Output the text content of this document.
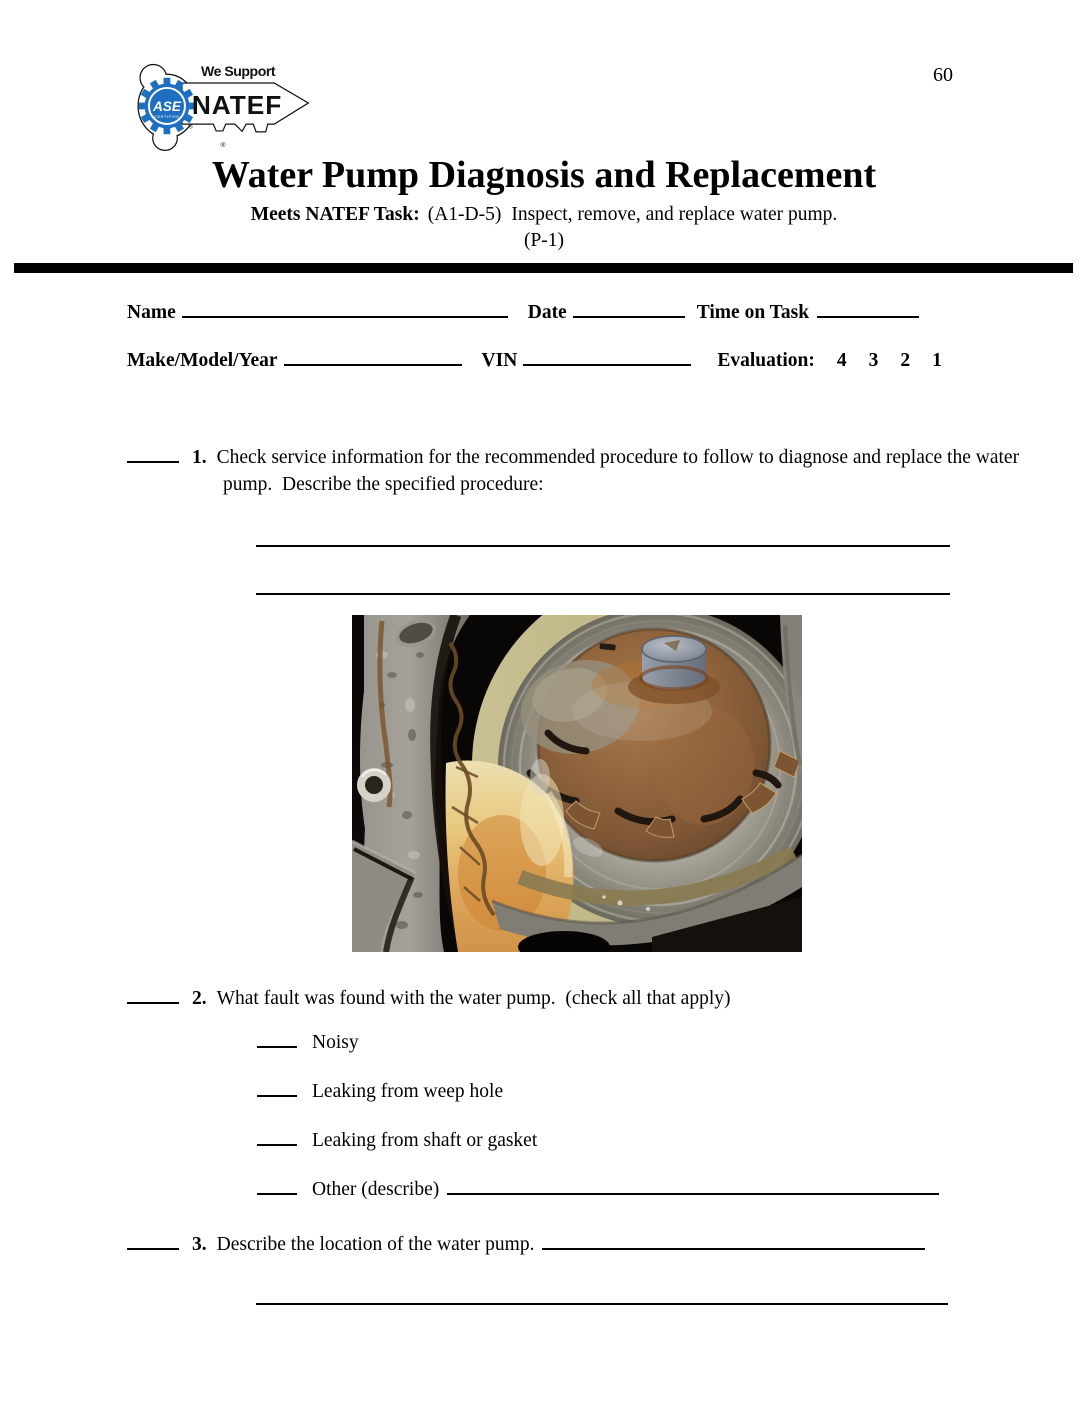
60
ASE
CERTIFIED
®
We Support
NATEF
®
Water Pump Diagnosis and Replacement
Meets NATEF Task: (A1-D-5) Inspect, remove, and replace water pump.
(P-1)
Name	Date	Time on Task
Make/Model/Year	VIN	Evaluation: 4 3 2 1
1. Check service information for the recommended procedure to follow to diagnose and replace the water pump.  Describe the specified procedure:
2. What fault was found with the water pump.  (check all that apply)
Noisy
Leaking from weep hole
Leaking from shaft or gasket
Other (describe)
3. Describe the location of the water pump.
